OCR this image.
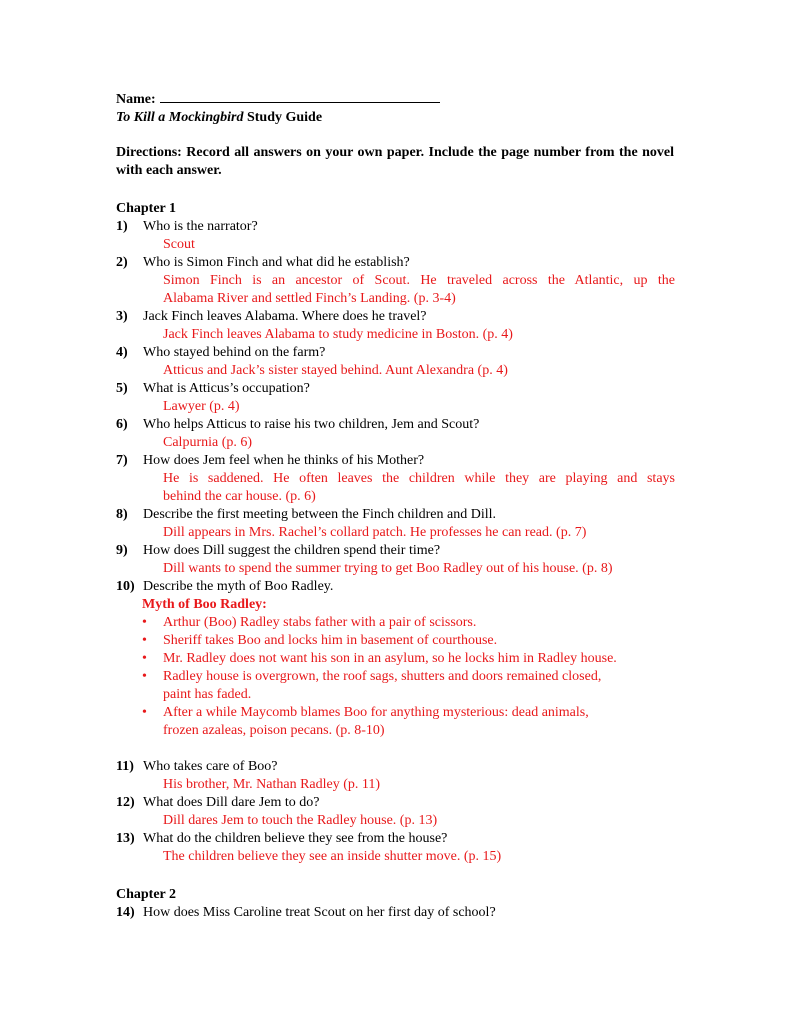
Name:
To Kill a Mockingbird Study Guide
Directions: Record all answers on your own paper. Include the page number from the novel with each answer.
Chapter 1
1)	Who is the narrator?
Scout
2)	Who is Simon Finch and what did he establish?
Simon Finch is an ancestor of Scout. He traveled across the Atlantic, up the
Alabama River and settled Finch’s Landing. (p. 3-4)
3)	Jack Finch leaves Alabama. Where does he travel?
Jack Finch leaves Alabama to study medicine in Boston. (p. 4)
4)	Who stayed behind on the farm?
Atticus and Jack’s sister stayed behind. Aunt Alexandra (p. 4)
5)	What is Atticus’s occupation?
Lawyer (p. 4)
6)	Who helps Atticus to raise his two children, Jem and Scout?
Calpurnia (p. 6)
7)	How does Jem feel when he thinks of his Mother?
He is saddened. He often leaves the children while they are playing and stays
behind the car house. (p. 6)
8)	Describe the first meeting between the Finch children and Dill.
Dill appears in Mrs. Rachel’s collard patch. He professes he can read. (p. 7)
9)	How does Dill suggest the children spend their time?
Dill wants to spend the summer trying to get Boo Radley out of his house. (p. 8)
10) Describe the myth of Boo Radley.
Myth of Boo Radley:
•	Arthur (Boo) Radley stabs father with a pair of scissors.
•	Sheriff takes Boo and locks him in basement of courthouse.
•	Mr. Radley does not want his son in an asylum, so he locks him in Radley house.
•	Radley house is overgrown, the roof sags, shutters and doors remained closed,
paint has faded.
•	After a while Maycomb blames Boo for anything mysterious: dead animals,
frozen azaleas, poison pecans. (p. 8-10)
11) Who takes care of Boo?
His brother, Mr. Nathan Radley (p. 11)
12) What does Dill dare Jem to do?
Dill dares Jem to touch the Radley house. (p. 13)
13) What do the children believe they see from the house?
The children believe they see an inside shutter move. (p. 15)
Chapter 2
14) How does Miss Caroline treat Scout on her first day of school?
